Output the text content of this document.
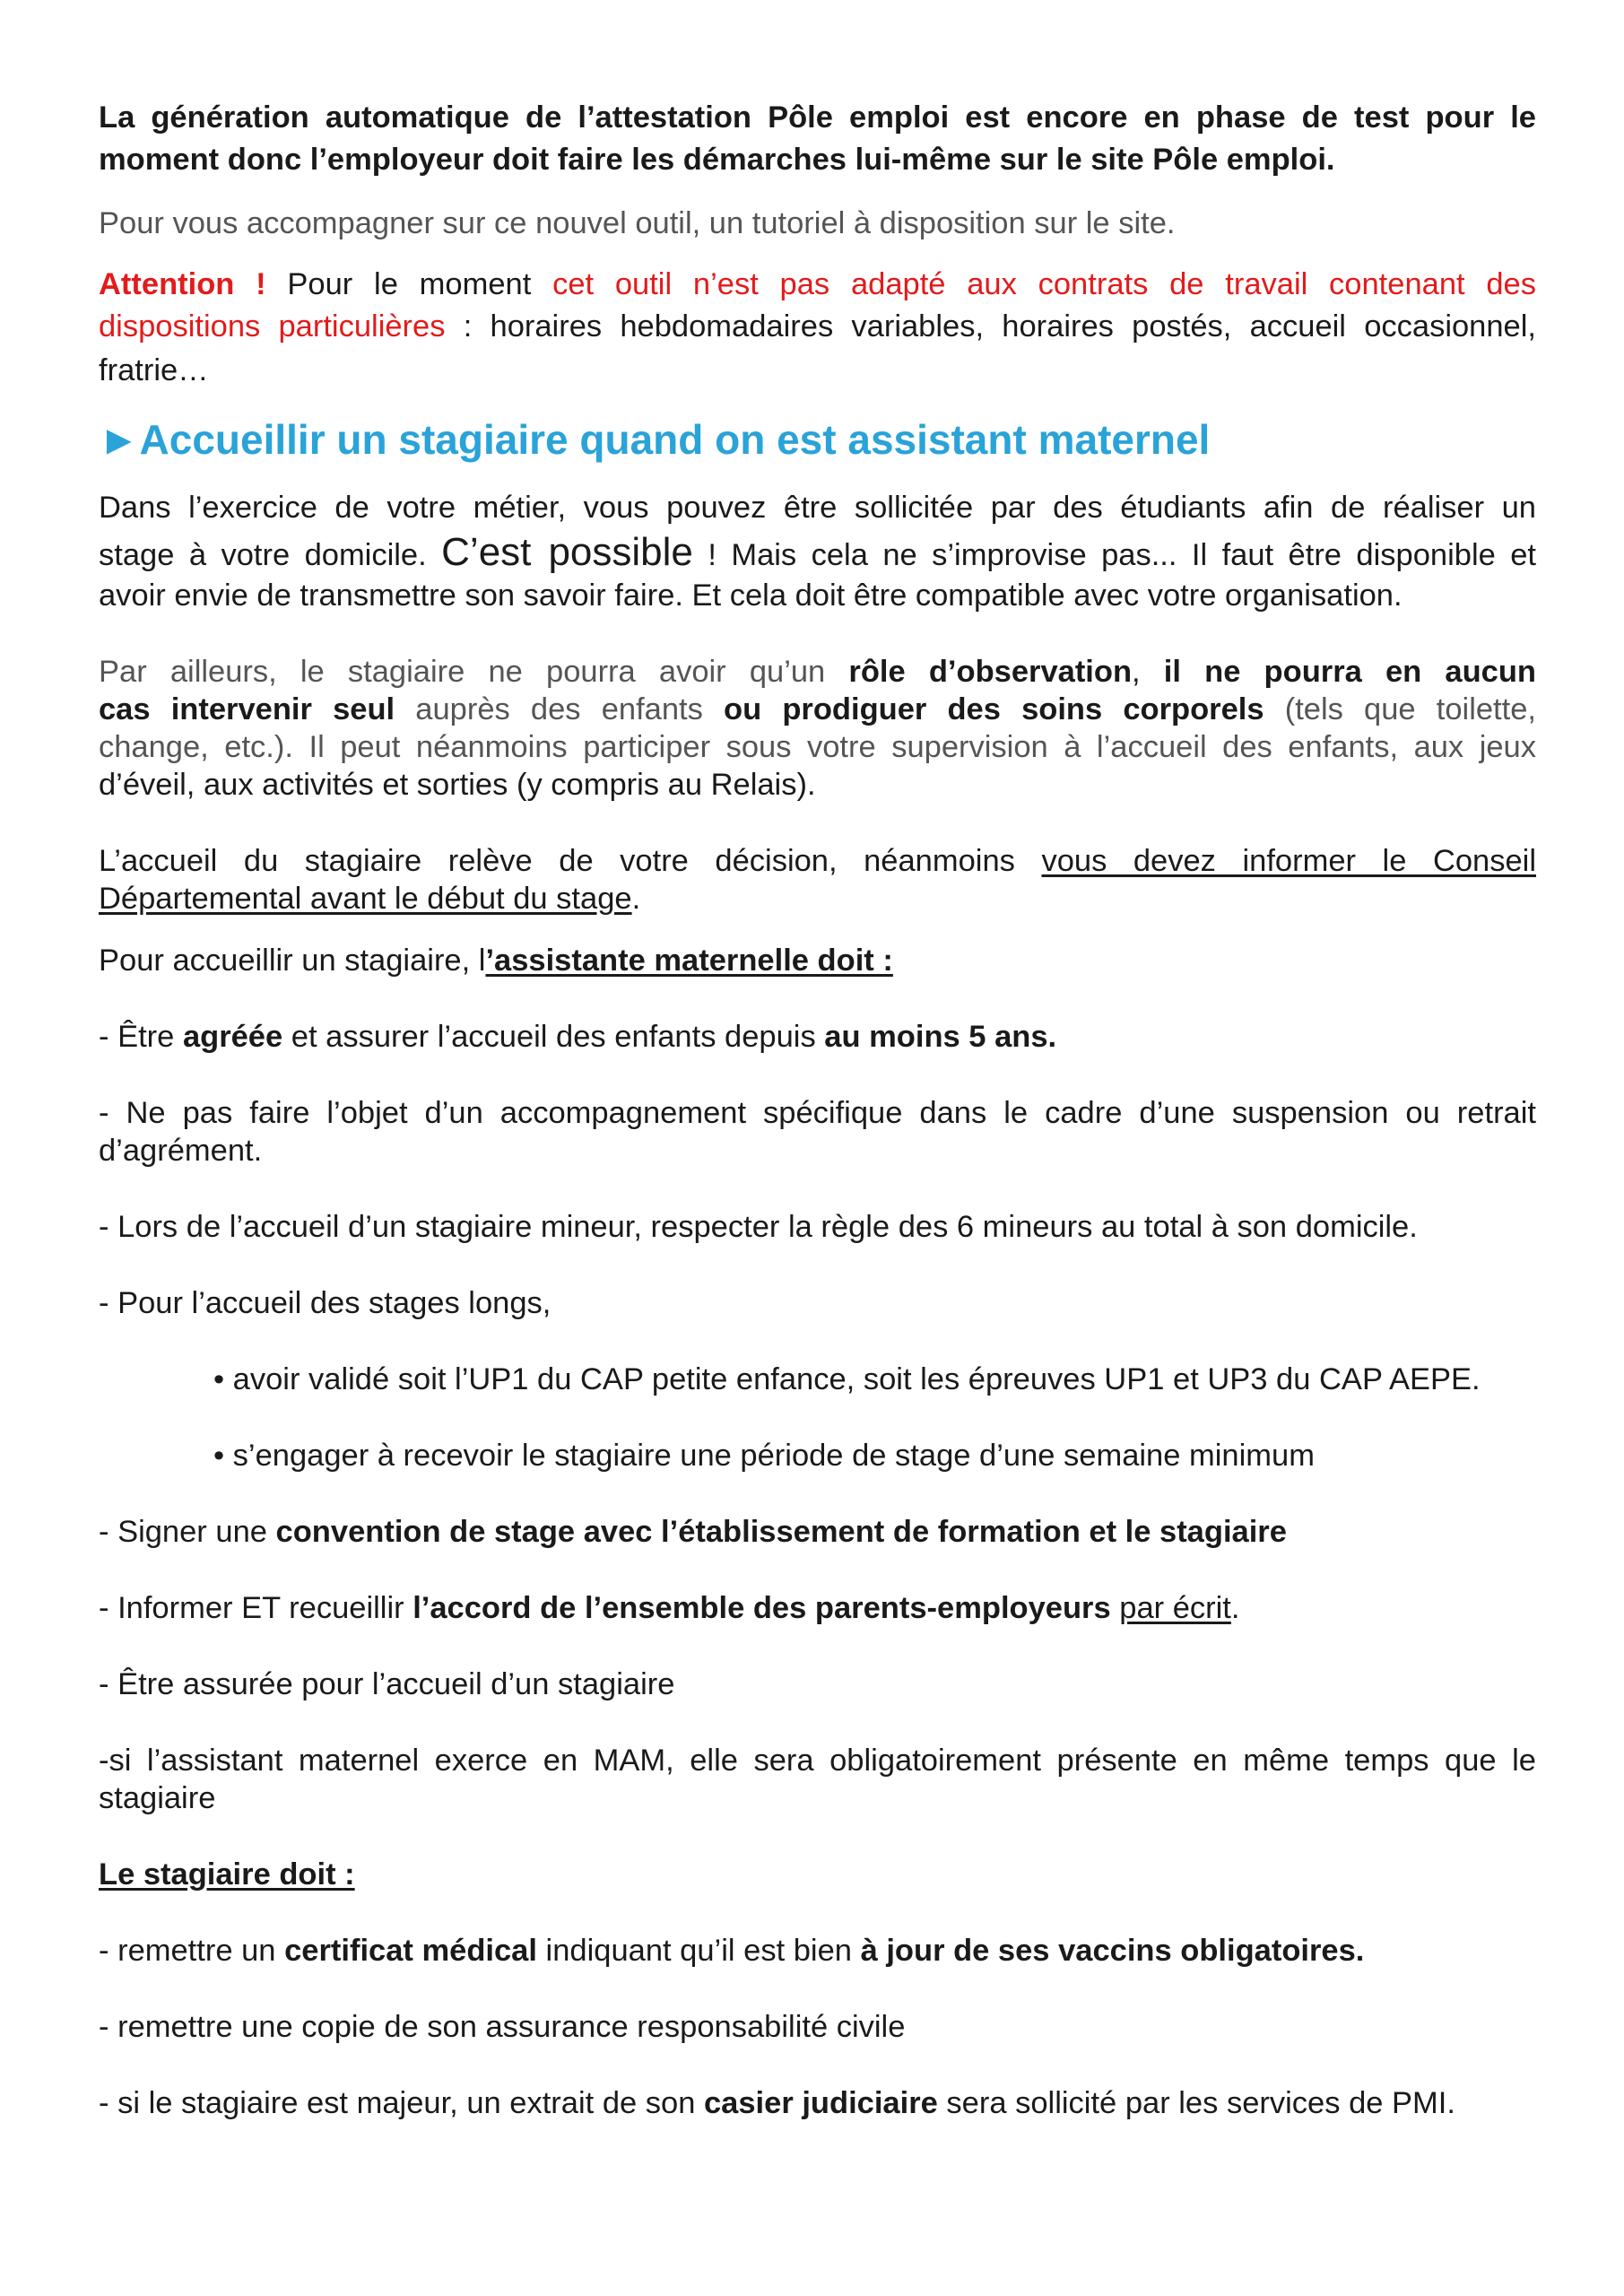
La génération automatique de l’attestation Pôle emploi est encore en phase de test pour le

moment donc l’employeur doit faire les démarches lui-même sur le site Pôle emploi.

Pour vous accompagner sur ce nouvel outil, un tutoriel à disposition sur le site.

Attention ! Pour le moment cet outil n’est pas adapté aux contrats de travail contenant des

dispositions particulières : horaires hebdomadaires variables, horaires postés, accueil occasionnel,

fratrie…

►Accueillir un stagiaire quand on est assistant maternel

Dans l’exercice de votre métier, vous pouvez être sollicitée par des étudiants afin de réaliser un

stage à votre domicile. C’est possible ! Mais cela ne s’improvise pas... Il faut être disponible et

avoir envie de transmettre son savoir faire. Et cela doit être compatible avec votre organisation.

Par ailleurs, le stagiaire ne pourra avoir qu’un rôle d’observation, il ne pourra en aucun

cas intervenir seul auprès des enfants ou prodiguer des soins corporels (tels que toilette,

change, etc.). Il peut néanmoins participer sous votre supervision à l’accueil des enfants, aux jeux

d’éveil, aux activités et sorties (y compris au Relais).

L’accueil du stagiaire relève de votre décision, néanmoins vous devez informer le Conseil

Départemental avant le début du stage.

Pour accueillir un stagiaire, l’assistante maternelle doit :

- Être agréée et assurer l’accueil des enfants depuis au moins 5 ans.

- Ne pas faire l’objet d’un accompagnement spécifique dans le cadre d’une suspension ou retrait

d’agrément.

- Lors de l’accueil d’un stagiaire mineur, respecter la règle des 6 mineurs au total à son domicile.

- Pour l’accueil des stages longs,

• avoir validé soit l’UP1 du CAP petite enfance, soit les épreuves UP1 et UP3 du CAP AEPE.

• s’engager à recevoir le stagiaire une période de stage d’une semaine minimum

- Signer une convention de stage avec l’établissement de formation et le stagiaire

- Informer ET recueillir l’accord de l’ensemble des parents-employeurs par écrit.

- Être assurée pour l’accueil d’un stagiaire

-si l’assistant maternel exerce en MAM, elle sera obligatoirement présente en même temps que le

stagiaire

Le stagiaire doit :

- remettre un certificat médical indiquant qu’il est bien à jour de ses vaccins obligatoires.

- remettre une copie de son assurance responsabilité civile

- si le stagiaire est majeur, un extrait de son casier judiciaire sera sollicité par les services de PMI.
